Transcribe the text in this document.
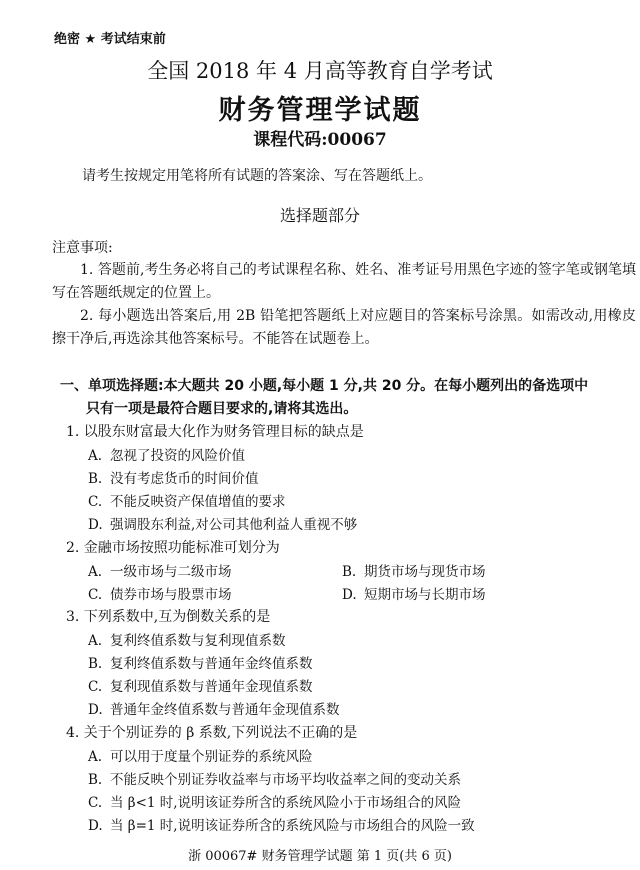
绝密 ★ 考试结束前
全国 2018 年 4 月高等教育自学考试
财务管理学试题
课程代码:00067
请考生按规定用笔将所有试题的答案涂、写在答题纸上。
选择题部分
注意事项:
1. 答题前,考生务必将自己的考试课程名称、姓名、准考证号用黑色字迹的签字笔或钢笔填写在答题纸规定的位置上。
2. 每小题选出答案后,用 2B 铅笔把答题纸上对应题目的答案标号涂黑。如需改动,用橡皮擦干净后,再选涂其他答案标号。不能答在试题卷上。
一、单项选择题:本大题共 20 小题,每小题 1 分,共 20 分。在每小题列出的备选项中
只有一项是最符合题目要求的,请将其选出。
1. 以股东财富最大化作为财务管理目标的缺点是
A. 忽视了投资的风险价值
B. 没有考虑货币的时间价值
C. 不能反映资产保值增值的要求
D. 强调股东利益,对公司其他利益人重视不够
2. 金融市场按照功能标准可划分为
A. 一级市场与二级市场	B. 期货市场与现货市场
C. 债券市场与股票市场	D. 短期市场与长期市场
3. 下列系数中,互为倒数关系的是
A. 复利终值系数与复利现值系数
B. 复利终值系数与普通年金终值系数
C. 复利现值系数与普通年金现值系数
D. 普通年金终值系数与普通年金现值系数
4. 关于个别证券的 β 系数,下列说法不正确的是
A. 可以用于度量个别证券的系统风险
B. 不能反映个别证券收益率与市场平均收益率之间的变动关系
C. 当 β<1 时,说明该证券所含的系统风险小于市场组合的风险
D. 当 β=1 时,说明该证券所含的系统风险与市场组合的风险一致
浙 00067# 财务管理学试题 第 1 页(共 6 页)
